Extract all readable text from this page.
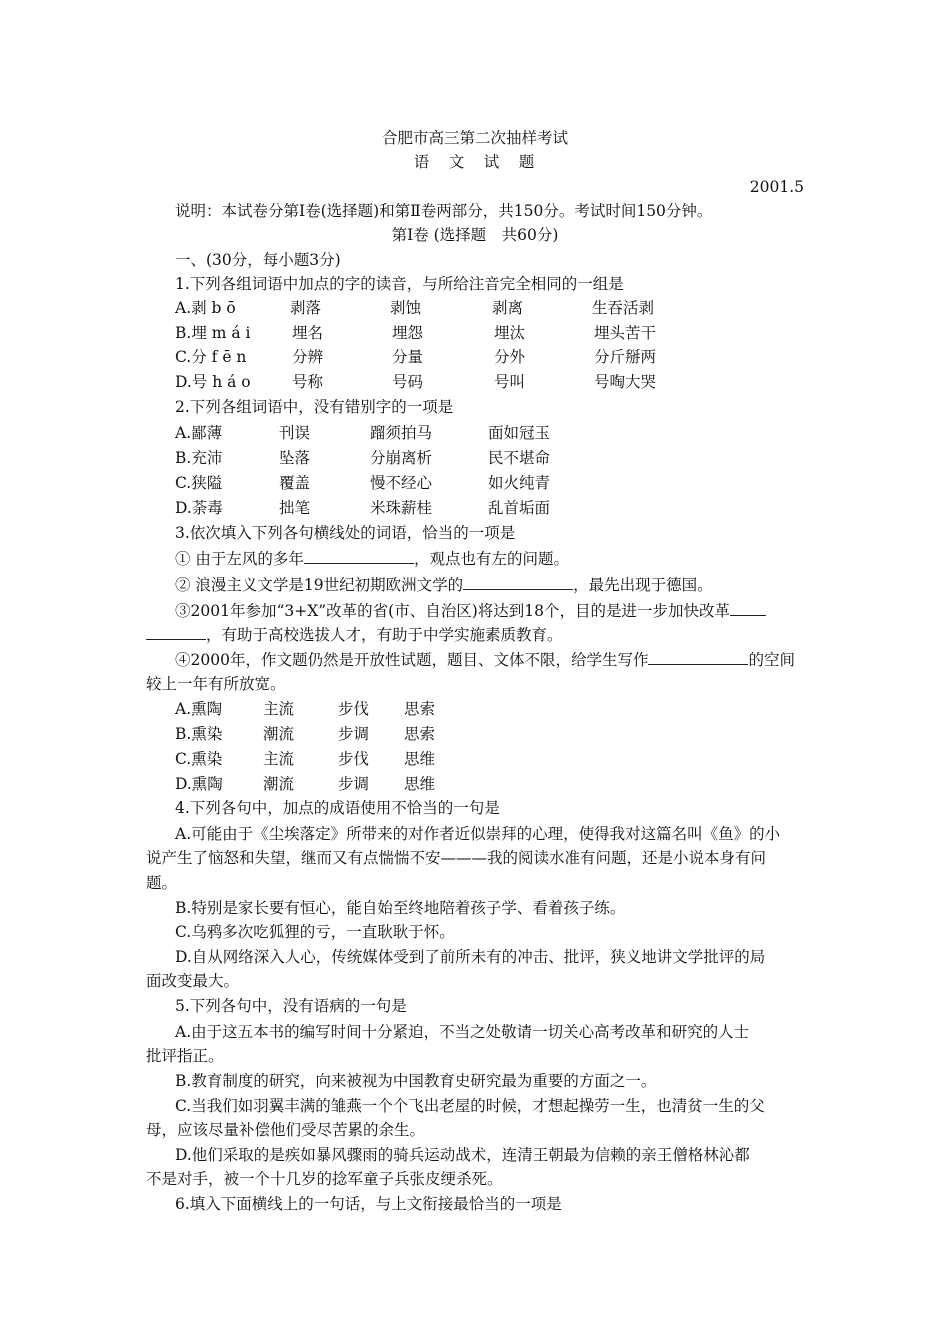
合肥市高三第二次抽样考试
语　文　试　题
2001.5
说明：本试卷分第Ⅰ卷(选择题)和第Ⅱ卷两部分，共150分。考试时间150分钟。
第Ⅰ卷 (选择题　共60分)
一、(30分，每小题3分)
1.下列各组词语中加点的字的读音，与所给注音完全相同的一组是
A.剥 b ō	剥落	剥蚀	剥离	生吞活剥
B.埋 m á i	埋名	埋怨	埋汰	埋头苦干
C.分 f ē n	分辨	分量	分外	分斤掰两
D.号 h á o	号称	号码	号叫	号啕大哭
2.下列各组词语中，没有错别字的一项是
A.鄙薄	刊误	蹓须拍马	面如冠玉
B.充沛	坠落	分崩离析	民不堪命
C.狭隘	覆盖	慢不经心	如火纯青
D.荼毒	拙笔	米珠薪桂	乱首垢面
3.依次填入下列各句横线处的词语，恰当的一项是
① 由于左风的多年	，观点也有左的问题。
② 浪漫主义文学是19世纪初期欧洲文学的	，最先出现于德国。
③2001年参加“3+X”改革的省(市、自治区)将达到18个，目的是进一步加快改革
，有助于高校选拔人才，有助于中学实施素质教育。
④2000年，作文题仍然是开放性试题，题目、文体不限，给学生写作	的空间
较上一年有所放宽。
A.熏陶	主流	步伐 思索
B.熏染	潮流	步调 思索
C.熏染	主流	步伐 思维
D.熏陶	潮流	步调 思维
4.下列各句中，加点的成语使用不恰当的一句是
A.可能由于《尘埃落定》所带来的对作者近似崇拜的心理，使得我对这篇名叫《鱼》的小
说产生了恼怒和失望，继而又有点惴惴不安———我的阅读水准有问题，还是小说本身有问
题。
B.特别是家长要有恒心，能自始至终地陪着孩子学、看着孩子练。
C.乌鸦多次吃狐狸的亏，一直耿耿于怀。
D.自从网络深入人心，传统媒体受到了前所未有的冲击、批评，狭义地讲文学批评的局
面改变最大。
5.下列各句中，没有语病的一句是
A.由于这五本书的编写时间十分紧迫，不当之处敬请一切关心高考改革和研究的人士
批评指正。
B.教育制度的研究，向来被视为中国教育史研究最为重要的方面之一。
C.当我们如羽翼丰满的雏燕一个个飞出老屋的时候，才想起操劳一生，也清贫一生的父
母，应该尽量补偿他们受尽苦累的余生。
D.他们采取的是疾如暴风骤雨的骑兵运动战术，连清王朝最为信赖的亲王僧格林沁都
不是对手，被一个十几岁的捻军童子兵张皮绠杀死。
6.填入下面横线上的一句话，与上文衔接最恰当的一项是
